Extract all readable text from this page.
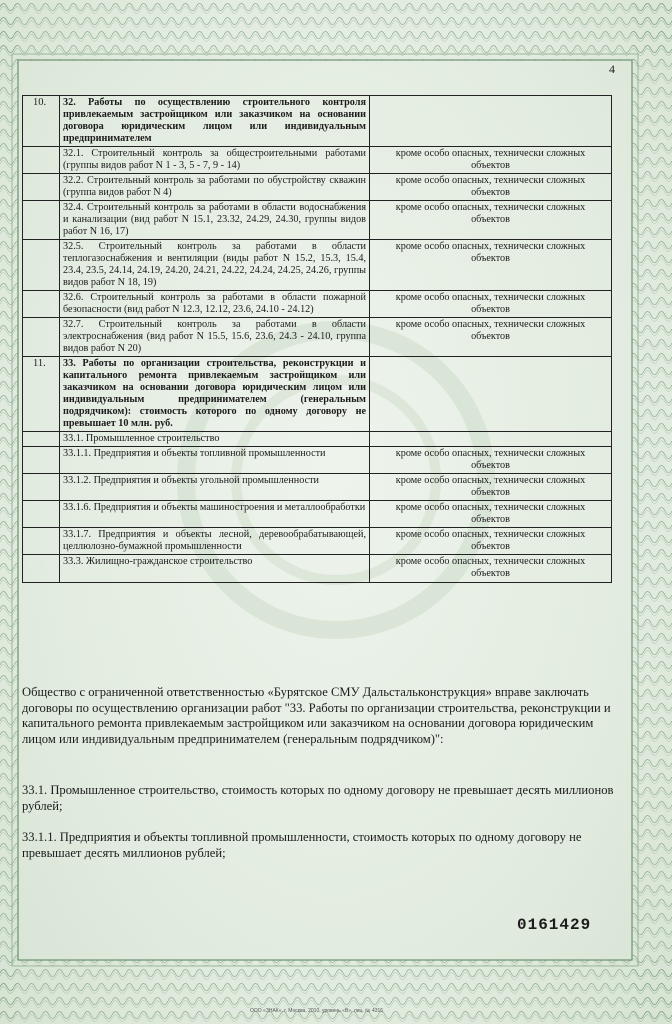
4
10.	32. Работы по осуществлению строительного контроля привлекаемым застройщиком или заказчиком на основании договора юридическим лицом или индивидуальным предпринимателем	

	32.1. Строительный контроль за общестроительными работами (группы видов работ N 1 - 3, 5 - 7, 9 - 14)	кроме особо опасных, технически сложных
объектов

	32.2. Строительный контроль за работами по обустройству скважин (группа видов работ N 4)	кроме особо опасных, технически сложных
объектов

	32.4. Строительный контроль за работами в области водоснабжения и канализации (вид работ N 15.1, 23.32, 24.29, 24.30, группы видов работ N 16, 17)	кроме особо опасных, технически сложных
объектов

	32.5. Строительный контроль за работами в области теплогазоснабжения и вентиляции (виды работ N 15.2, 15.3, 15.4, 23.4, 23.5, 24.14, 24.19, 24.20, 24.21, 24.22, 24.24, 24.25, 24.26, группы видов работ N 18, 19)	кроме особо опасных, технически сложных
объектов

	32.6. Строительный контроль за работами в области пожарной безопасности (вид работ N 12.3, 12.12, 23.6, 24.10 - 24.12)	кроме особо опасных, технически сложных
объектов

	32.7. Строительный контроль за работами в области электроснабжения (вид работ N 15.5, 15.6, 23.6, 24.3 - 24.10, группа видов работ N 20)	кроме особо опасных, технически сложных
объектов

11.	33. Работы по организации строительства, реконструкции и капитального ремонта привлекаемым застройщиком или заказчиком на основании договора юридическим лицом или индивидуальным предпринимателем (генеральным подрядчиком): стоимость которого по одному договору не превышает 10 млн. руб.	

	33.1. Промышленное строительство	

	33.1.1. Предприятия и объекты топливной промышленности	кроме особо опасных, технически сложных
объектов

	33.1.2. Предприятия и объекты угольной промышленности	кроме особо опасных, технически сложных
объектов

	33.1.6. Предприятия и объекты машиностроения и металлообработки	кроме особо опасных, технически сложных
объектов

	33.1.7. Предприятия и объекты лесной, деревообрабатывающей, целлюлозно-бумажной промышленности	кроме особо опасных, технически сложных
объектов

	33.3. Жилищно-гражданское строительство	кроме особо опасных, технически сложных
объектов
Общество с ограниченной ответственностью «Бурятское СМУ Дальстальконструкция» вправе заключать договоры по осуществлению организации работ "33. Работы по организации строительства, реконструкции и капитального ремонта привлекаемым застройщиком или заказчиком на основании договора юридическим лицом или индивидуальным предпринимателем (генеральным подрядчиком)":
33.1. Промышленное строительство, стоимость которых по одному договору не превышает десять миллионов рублей;
33.1.1. Предприятия и объекты топливной промышленности, стоимость которых по одному договору не превышает десять миллионов рублей;
0161429
ООО «ЗНАК», г. Москва, 2010, уровень «В», лиц. № 4316
